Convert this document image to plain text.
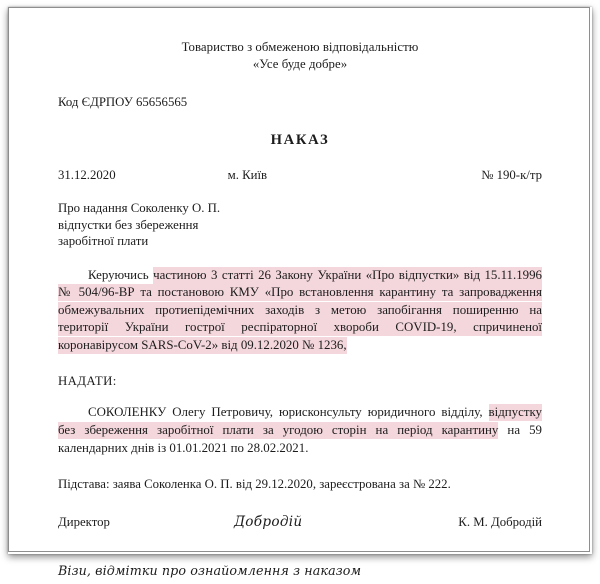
Товариство з обмеженою відповідальністю
«Усе буде добре»
Код ЄДРПОУ 65656565
НАКАЗ
31.12.2020	м. Київ	№ 190-к/тр
Про надання Соколенку О. П.
відпустки без збереження
заробітної плати

Керуючись частиною 3 статті 26 Закону України «Про відпустки» від 15.11.1996 № 504/96-ВР та постановою КМУ «Про встановлення карантину та запровадження обмежувальних протиепідемічних заходів з метою запобігання поширенню на території України гострої респіраторної хвороби COVID-19, спричиненої коронавірусом SARS-CoV-2» від 09.12.2020 № 1236,

НАДАТИ:

СОКОЛЕНКУ Олегу Петровичу, юрисконсульту юридичного відділу, відпустку без збереження заробітної плати за угодою сторін на період карантину на 59 календарних днів із 01.01.2021 по 28.02.2021.

Підстава: заява Соколенка О. П. від 29.12.2020, зареєстрована за № 222.
Директор	Добродій	К. М. Добродій
Візи, відмітки про ознайомлення з наказом
